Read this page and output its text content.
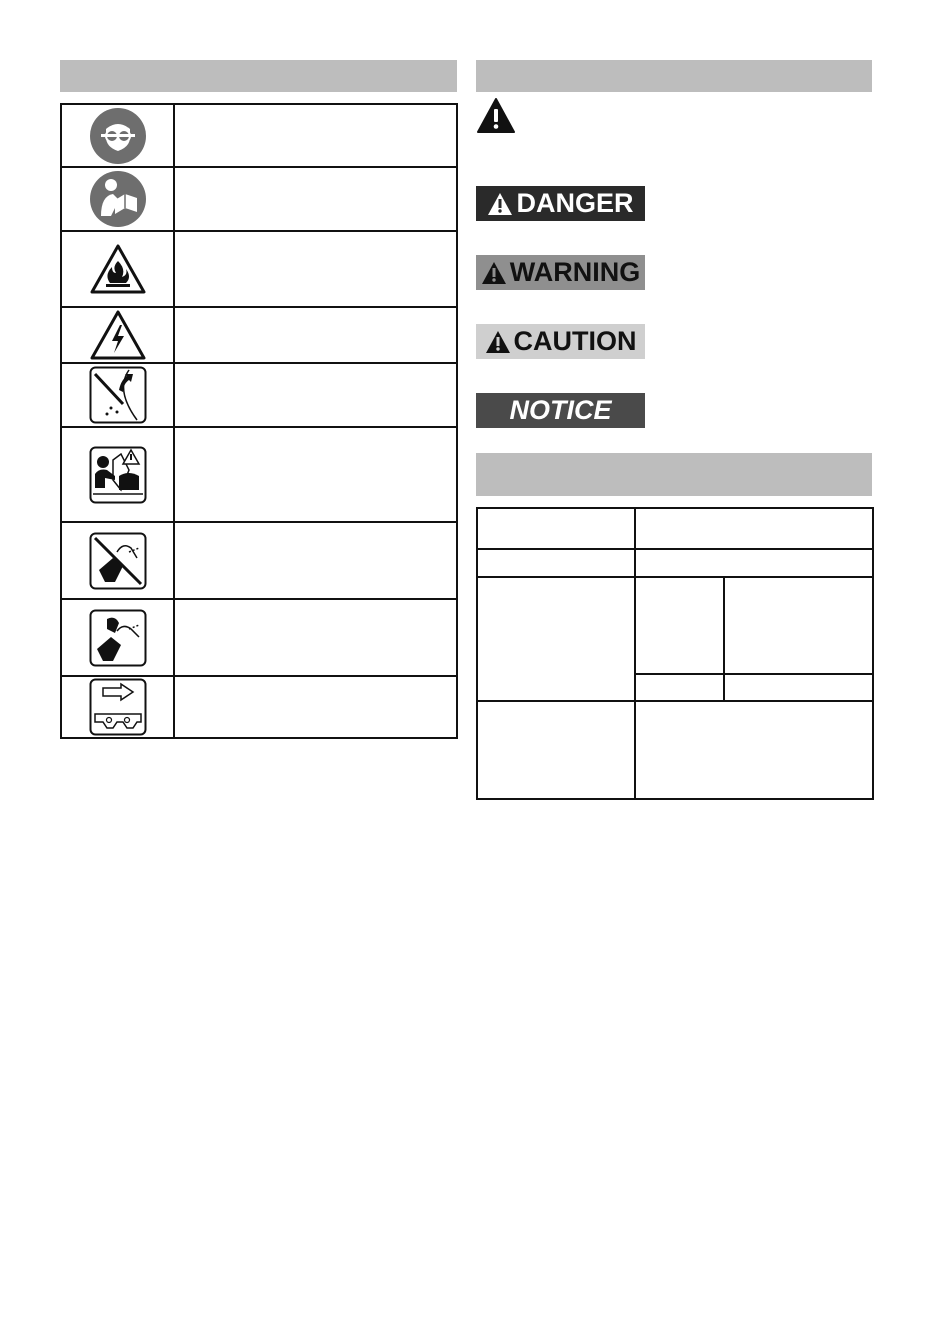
DANGER
WARNING
CAUTION
NOTICE
